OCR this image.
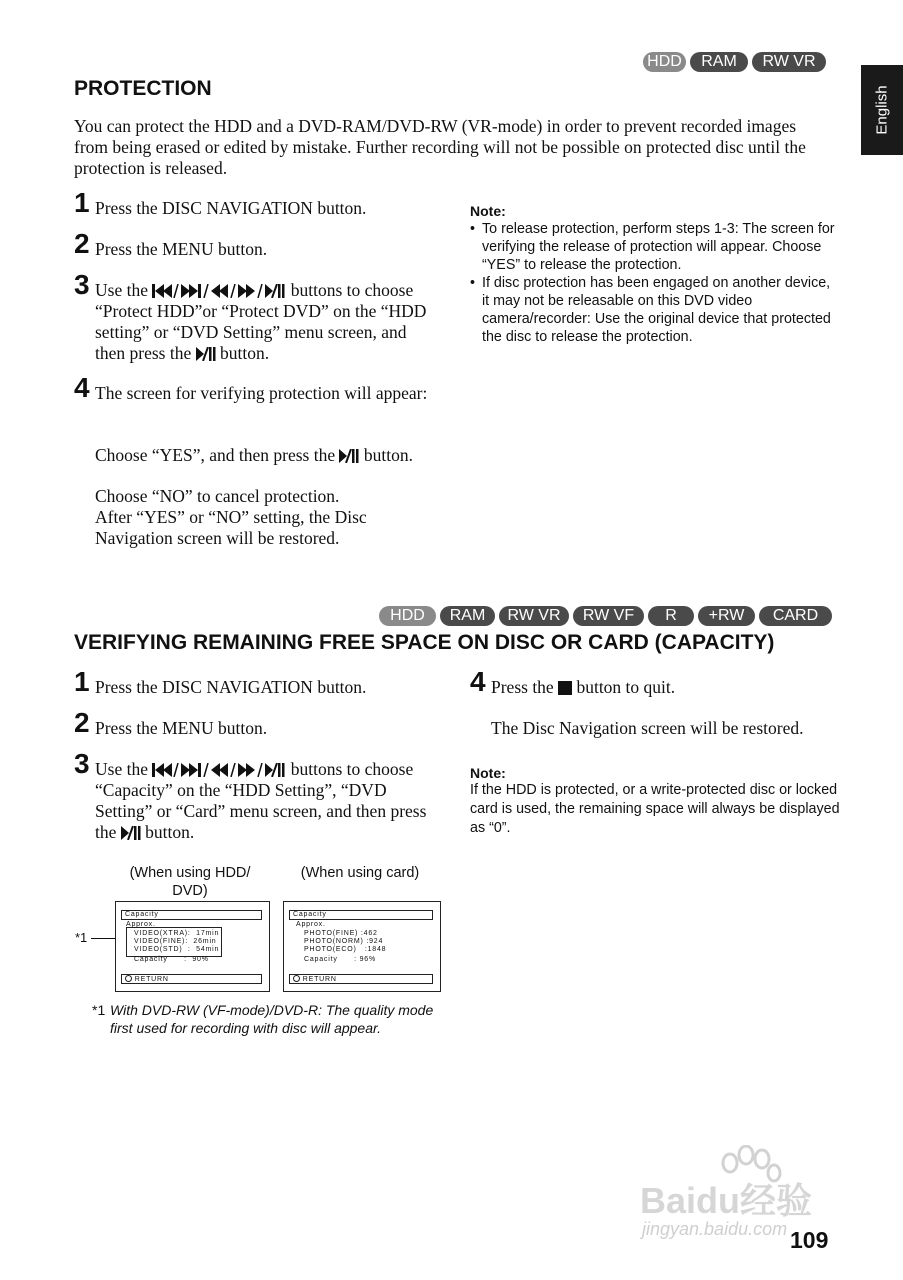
HDD	RAM	RW VR
English
PROTECTION
You can protect the HDD and a DVD-RAM/DVD-RW (VR-mode) in order to prevent recorded images from being erased or edited by mistake. Further recording will not be possible on protected disc until the protection is released.
1 Press the DISC NAVIGATION button.
2 Press the MENU button.
3 Use the	buttons to choose “Protect HDD”or “Protect DVD” on the “HDD setting” or “DVD Setting” menu screen, and then press the button.
4 The screen for verifying protection will appear:
Choose “YES”, and then press the button.
Choose “NO” to cancel protection.
After “YES” or “NO” setting, the Disc Navigation screen will be restored.
Note:
• To release protection, perform steps 1-3: The screen for verifying the release of protection will appear. Choose “YES” to release the protection.
• If disc protection has been engaged on another device, it may not be releasable on this DVD video camera/recorder: Use the original device that protected the disc to release the protection.
HDD	RAM	RW VR	RW VF	R	+RW	CARD
VERIFYING REMAINING FREE SPACE ON DISC OR CARD (CAPACITY)
1 Press the DISC NAVIGATION button.
2 Press the MENU button.
3 Use the	buttons to choose “Capacity” on the “HDD Setting”, “DVD Setting” or “Card” menu screen, and then press the button.
4 Press the button to quit.
The Disc Navigation screen will be restored.
Note:
If the HDD is protected, or a write-protected disc or locked card is used, the remaining space will always be displayed as “0”.
(When using HDD/ DVD)
(When using card)
*1
Capacity
Approx.
VIDEO(XTRA):  17min
VIDEO(FINE):  26min
VIDEO(STD)  :  54min
Capacity      :  90%
RETURN
Capacity
Approx.
PHOTO(FINE) :462
PHOTO(NORM) :924
PHOTO(ECO)   :1848
Capacity      : 96%
RETURN
*1 With DVD-RW (VF-mode)/DVD-R: The quality mode first used for recording with disc will appear.
Baidu经验
jingyan.baidu.com 109
